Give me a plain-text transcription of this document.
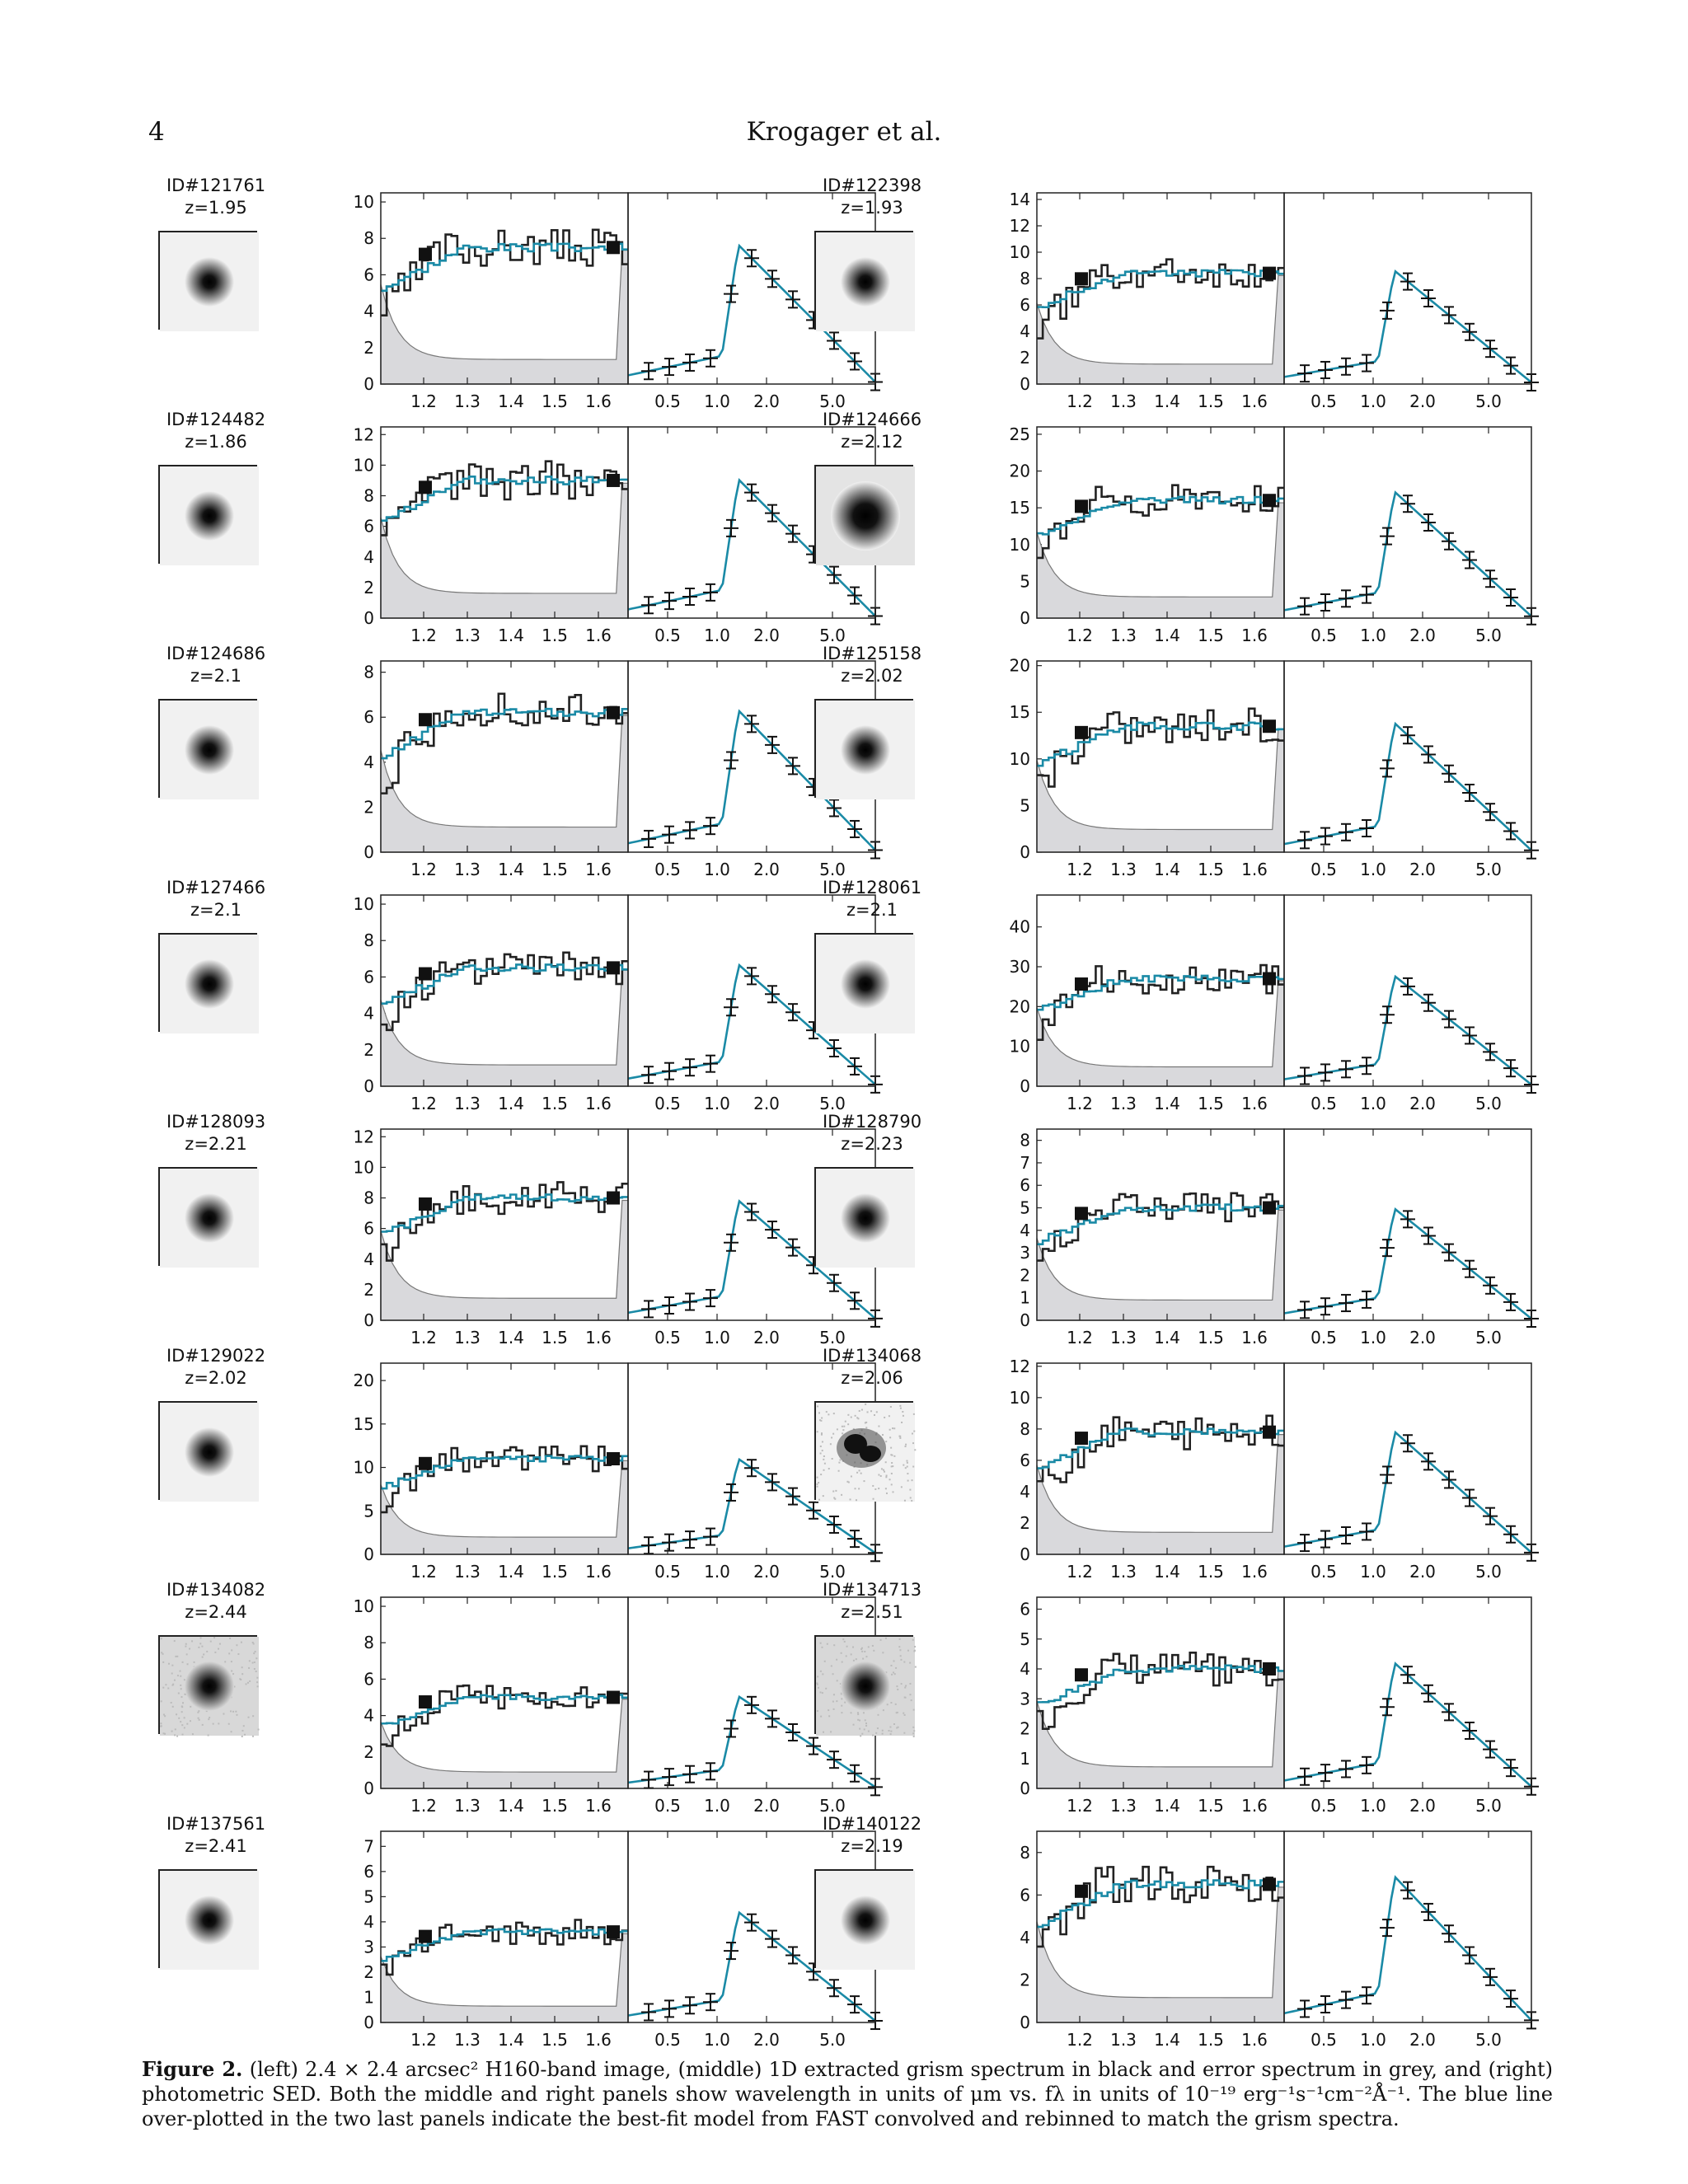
4	Krogager et al.
ID#121761
z=1.95
0
2
4
6
8
10
1.2 1.3 1.4 1.5 1.6	0.5 1.0 2.0 5.0
ID#122398
z=1.93
0
2
4
6
8
10
12
14
1.2 1.3 1.4 1.5 1.6	0.5 1.0 2.0 5.0
ID#124482
z=1.86
0
2
4
6
8
10
12
1.2 1.3 1.4 1.5 1.6	0.5 1.0 2.0 5.0
ID#124666
z=2.12
0
5
10
15
20
25
1.2 1.3 1.4 1.5 1.6	0.5 1.0 2.0 5.0
ID#124686
z=2.1
0
2
4
6
8
1.2 1.3 1.4 1.5 1.6	0.5 1.0 2.0 5.0
ID#125158
z=2.02
0
5
10
15
20
1.2 1.3 1.4 1.5 1.6	0.5 1.0 2.0 5.0
ID#127466
z=2.1
0
2
4
6
8
10
1.2 1.3 1.4 1.5 1.6	0.5 1.0 2.0 5.0
ID#128061
z=2.1
0
10
20
30
40
1.2 1.3 1.4 1.5 1.6	0.5 1.0 2.0 5.0
ID#128093
z=2.21
0
2
4
6
8
10
12
1.2 1.3 1.4 1.5 1.6	0.5 1.0 2.0 5.0
ID#128790
z=2.23
0
1
2
3
4
5
6
7
8
1.2 1.3 1.4 1.5 1.6	0.5 1.0 2.0 5.0
ID#129022
z=2.02
0
5
10
15
20
1.2 1.3 1.4 1.5 1.6	0.5 1.0 2.0 5.0
ID#134068
z=2.06
0
2
4
6
8
10
12
1.2 1.3 1.4 1.5 1.6	0.5 1.0 2.0 5.0
ID#134082
z=2.44
0
2
4
6
8
10
1.2 1.3 1.4 1.5 1.6	0.5 1.0 2.0 5.0
ID#134713
z=2.51
0
1
2
3
4
5
6
1.2 1.3 1.4 1.5 1.6	0.5 1.0 2.0 5.0
ID#137561
z=2.41
0
1
2
3
4
5
6
7
1.2 1.3 1.4 1.5 1.6	0.5 1.0 2.0 5.0
ID#140122
z=2.19
0
2
4
6
8
1.2 1.3 1.4 1.5 1.6	0.5 1.0 2.0 5.0
Figure 2. (left) 2.4 × 2.4 arcsec² H160-band image, (middle) 1D extracted grism spectrum in black and error spectrum in grey, and (right) photometric SED. Both the middle and right panels show wavelength in units of μm vs. fλ in units of 10⁻¹⁹ erg⁻¹s⁻¹cm⁻²Å⁻¹. The blue line over-plotted in the two last panels indicate the best-fit model from FAST convolved and rebinned to match the grism spectra.
